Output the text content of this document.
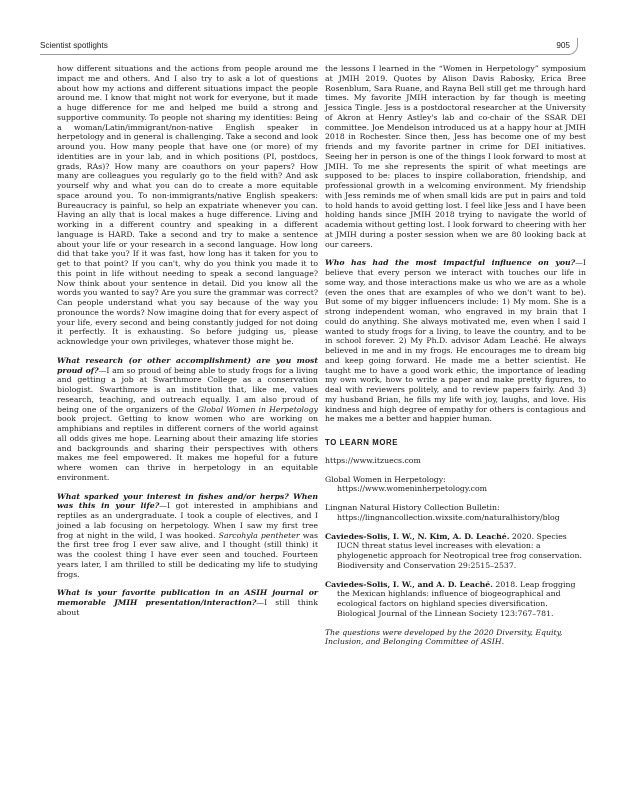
Scientist spotlights	905

how different situations and the actions from people around me impact me and others. And I also try to ask a lot of questions about how my actions and different situations impact the people around me. I know that might not work for everyone, but it made a huge difference for me and helped me build a strong and supportive community. To people not sharing my identities: Being a woman/Latin/immigrant/non-native English speaker in herpetology and in general is challenging. Take a second and look around you. How many people that have one (or more) of my identities are in your lab, and in which positions (PI, postdocs, grads, RAs)? How many are coauthors on your papers? How many are colleagues you regularly go to the field with? And ask yourself why and what you can do to create a more equitable space around you. To non-immigrants/native English speakers: Bureaucracy is painful, so help an expatriate whenever you can. Having an ally that is local makes a huge difference. Living and working in a different country and speaking in a different language is HARD. Take a second and try to make a sentence about your life or your research in a second language. How long did that take you? If it was fast, how long has it taken for you to get to that point? If you can't, why do you think you made it to this point in life without needing to speak a second language? Now think about your sentence in detail. Did you know all the words you wanted to say? Are you sure the grammar was correct? Can people understand what you say because of the way you pronounce the words? Now imagine doing that for every aspect of your life, every second and being constantly judged for not doing it perfectly. It is exhausting. So before judging us, please acknowledge your own privileges, whatever those might be.

What research (or other accomplishment) are you most proud of?—I am so proud of being able to study frogs for a living and getting a job at Swarthmore College as a conservation biologist. Swarthmore is an institution that, like me, values research, teaching, and outreach equally. I am also proud of being one of the organizers of the Global Women in Herpetology book project. Getting to know women who are working on amphibians and reptiles in different corners of the world against all odds gives me hope. Learning about their amazing life stories and backgrounds and sharing their perspectives with others makes me feel empowered. It makes me hopeful for a future where women can thrive in herpetology in an equitable environment.

What sparked your interest in fishes and/or herps? When was this in your life?—I got interested in amphibians and reptiles as an undergraduate. I took a couple of electives, and I joined a lab focusing on herpetology. When I saw my first tree frog at night in the wild, I was hooked. Sarcohyla pentheter was the first tree frog I ever saw alive, and I thought (still think) it was the coolest thing I have ever seen and touched. Fourteen years later, I am thrilled to still be dedicating my life to studying frogs.

What is your favorite publication in an ASIH journal or memorable JMIH presentation/interaction?—I still think about

the lessons I learned in the “Women in Herpetology” symposium at JMIH 2019. Quotes by Alison Davis Rabosky, Erica Bree Rosenblum, Sara Ruane, and Rayna Bell still get me through hard times. My favorite JMIH interaction by far though is meeting Jessica Tingle. Jess is a postdoctoral researcher at the University of Akron at Henry Astley's lab and co-chair of the SSAR DEI committee. Joe Mendelson introduced us at a happy hour at JMIH 2018 in Rochester. Since then, Jess has become one of my best friends and my favorite partner in crime for DEI initiatives. Seeing her in person is one of the things I look forward to most at JMIH. To me she represents the spirit of what meetings are supposed to be: places to inspire collaboration, friendship, and professional growth in a welcoming environment. My friendship with Jess reminds me of when small kids are put in pairs and told to hold hands to avoid getting lost. I feel like Jess and I have been holding hands since JMIH 2018 trying to navigate the world of academia without getting lost. I look forward to cheering with her at JMIH during a poster session when we are 80 looking back at our careers.

Who has had the most impactful influence on you?—I believe that every person we interact with touches our life in some way, and those interactions make us who we are as a whole (even the ones that are examples of who we don't want to be). But some of my bigger influencers include: 1) My mom. She is a strong independent woman, who engraved in my brain that I could do anything. She always motivated me, even when I said I wanted to study frogs for a living, to leave the country, and to be in school forever. 2) My Ph.D. advisor Adam Leaché. He always believed in me and in my frogs. He encourages me to dream big and keep going forward. He made me a better scientist. He taught me to have a good work ethic, the importance of leading my own work, how to write a paper and make pretty figures, to deal with reviewers politely, and to review papers fairly. And 3) my husband Brian, he fills my life with joy, laughs, and love. His kindness and high degree of empathy for others is contagious and he makes me a better and happier human.

TO LEARN MORE

https://www.itzuecs.com

Global Women in Herpetology: https://www.womeninherpetology.com

Lingnan Natural History Collection Bulletin: https://lingnancollection.wixsite.com/naturalhistory/blog

Caviedes-Solis, I. W., N. Kim, A. D. Leaché. 2020. Species IUCN threat status level increases with elevation: a phylogenetic approach for Neotropical tree frog conservation. Biodiversity and Conservation 29:2515–2537.

Caviedes-Solis, I. W., and A. D. Leaché. 2018. Leap frogging the Mexican highlands: influence of biogeographical and ecological factors on highland species diversification. Biological Journal of the Linnean Society 123:767–781.

The questions were developed by the 2020 Diversity, Equity, Inclusion, and Belonging Committee of ASIH.
